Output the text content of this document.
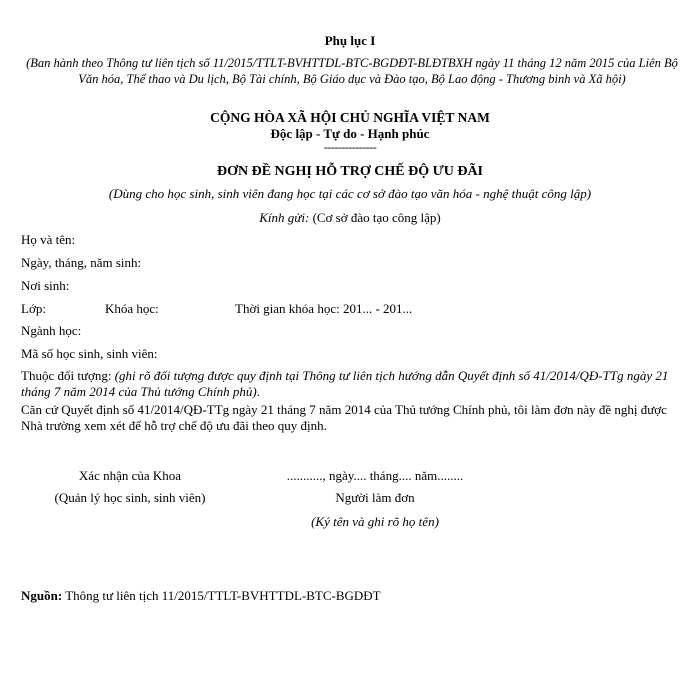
Phụ lục I
(Ban hành theo Thông tư liên tịch số 11/2015/TTLT-BVHTTDL-BTC-BGDĐT-BLĐTBXH ngày 11 tháng 12 năm 2015 của Liên Bộ Văn hóa, Thể thao và Du lịch, Bộ Tài chính, Bộ Giáo dục và Đào tạo, Bộ Lao động - Thương binh và Xã hội)
CỘNG HÒA XÃ HỘI CHỦ NGHĨA VIỆT NAM
Độc lập - Tự do - Hạnh phúc
---------------
ĐƠN ĐỀ NGHỊ HỖ TRỢ CHẾ ĐỘ ƯU ĐÃI
(Dùng cho học sinh, sinh viên đang học tại các cơ sở đào tạo văn hóa - nghệ thuật công lập)
Kính gửi: (Cơ sở đào tạo công lập)
Họ và tên:
Ngày, tháng, năm sinh:
Nơi sinh:
Lớp:	Khóa học:	Thời gian khóa học: 201... - 201...
Ngành học:
Mã số học sinh, sinh viên:
Thuộc đối tượng: (ghi rõ đối tượng được quy định tại Thông tư liên tịch hướng dẫn Quyết định số 41/2014/QĐ-TTg ngày 21 tháng 7 năm 2014 của Thủ tướng Chính phủ).
Căn cứ Quyết định số 41/2014/QĐ-TTg ngày 21 tháng 7 năm 2014 của Thủ tướng Chính phủ, tôi làm đơn này đề nghị được Nhà trường xem xét để hỗ trợ chế độ ưu đãi theo quy định.
Xác nhận của Khoa
(Quản lý học sinh, sinh viên)
..........., ngày.... tháng.... năm........
Người làm đơn
(Ký tên và ghi rõ họ tên)
Nguồn: Thông tư liên tịch 11/2015/TTLT-BVHTTDL-BTC-BGDĐT
